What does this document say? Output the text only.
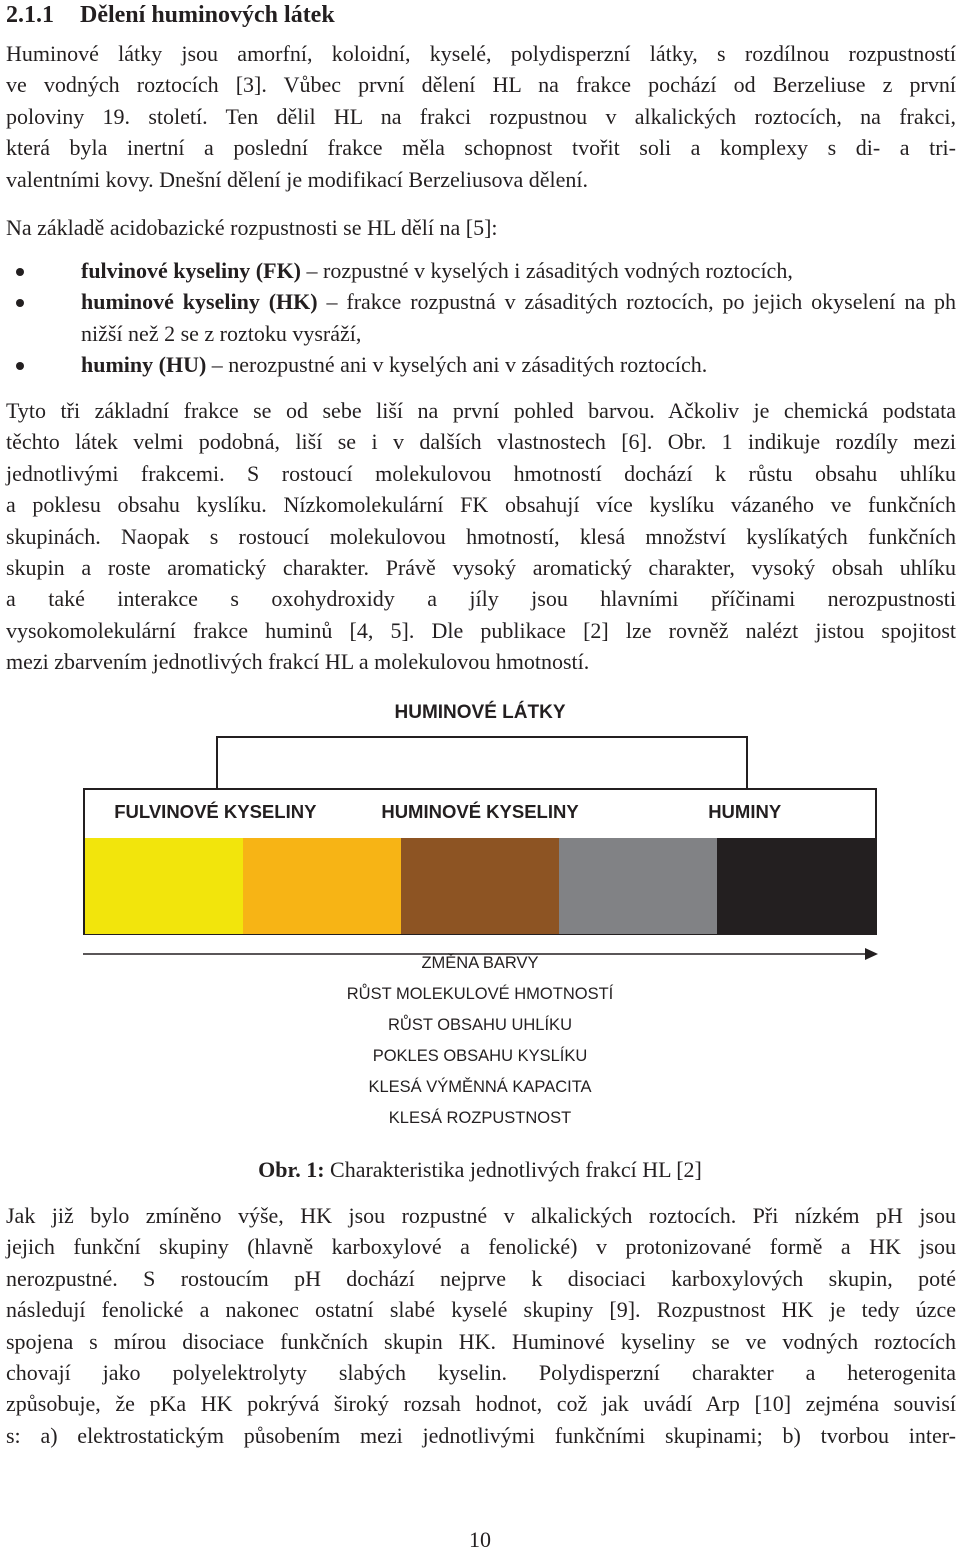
2.1.1 Dělení huminových látek
Huminové látky jsou amorfní, koloidní, kyselé, polydisperzní látky, s rozdílnou rozpustností
ve vodných roztocích [3]. Vůbec první dělení HL na frakce pochází od Berzeliuse z první
poloviny 19. století. Ten dělil HL na frakci rozpustnou v alkalických roztocích, na frakci,
která byla inertní a poslední frakce měla schopnost tvořit soli a komplexy s di- a tri-
valentními kovy. Dnešní dělení je modifikací Berzeliusova dělení.
Na základě acidobazické rozpustnosti se HL dělí na [5]:
fulvinové kyseliny (FK) – rozpustné v kyselých i zásaditých vodných roztocích,
huminové kyseliny (HK) – frakce rozpustná v zásaditých roztocích, po jejich okyselení na ph nižší než 2 se z roztoku vysráží,
huminy (HU) – nerozpustné ani v kyselých ani v zásaditých roztocích.
Tyto tři základní frakce se od sebe liší na první pohled barvou. Ačkoliv je chemická podstata
těchto látek velmi podobná, liší se i v dalších vlastnostech [6]. Obr. 1 indikuje rozdíly mezi
jednotlivými frakcemi. S rostoucí molekulovou hmotností dochází k růstu obsahu uhlíku
a poklesu obsahu kyslíku. Nízkomolekulární FK obsahují více kyslíku vázaného ve funkčních
skupinách. Naopak s rostoucí molekulovou hmotností, klesá množství kyslíkatých funkčních
skupin a roste aromatický charakter. Právě vysoký aromatický charakter, vysoký obsah uhlíku
a také interakce s oxohydroxidy a jíly jsou hlavními příčinami nerozpustnosti
vysokomolekulární frakce huminů [4, 5]. Dle publikace [2] lze rovněž nalézt jistou spojitost
mezi zbarvením jednotlivých frakcí HL a molekulovou hmotností.
HUMINOVÉ LÁTKY
FULVINOVÉ KYSELINY	HUMINOVÉ KYSELINY	HUMINY
ZMĚNA BARVY
RŮST MOLEKULOVÉ HMOTNOSTÍ
RŮST OBSAHU UHLÍKU
POKLES OBSAHU KYSLÍKU
KLESÁ VÝMĚNNÁ KAPACITA
KLESÁ ROZPUSTNOST
Obr. 1: Charakteristika jednotlivých frakcí HL [2]
Jak již bylo zmíněno výše, HK jsou rozpustné v alkalických roztocích. Při nízkém pH jsou
jejich funkční skupiny (hlavně karboxylové a fenolické) v protonizované formě a HK jsou
nerozpustné. S rostoucím pH dochází nejprve k disociaci karboxylových skupin, poté
následují fenolické a nakonec ostatní slabé kyselé skupiny [9]. Rozpustnost HK je tedy úzce
spojena s mírou disociace funkčních skupin HK. Huminové kyseliny se ve vodných roztocích
chovají jako polyelektrolyty slabých kyselin. Polydisperzní charakter a heterogenita
způsobuje, že pKa HK pokrývá široký rozsah hodnot, což jak uvádí Arp [10] zejména souvisí
s: a) elektrostatickým působením mezi jednotlivými funkčními skupinami; b) tvorbou inter-
10
